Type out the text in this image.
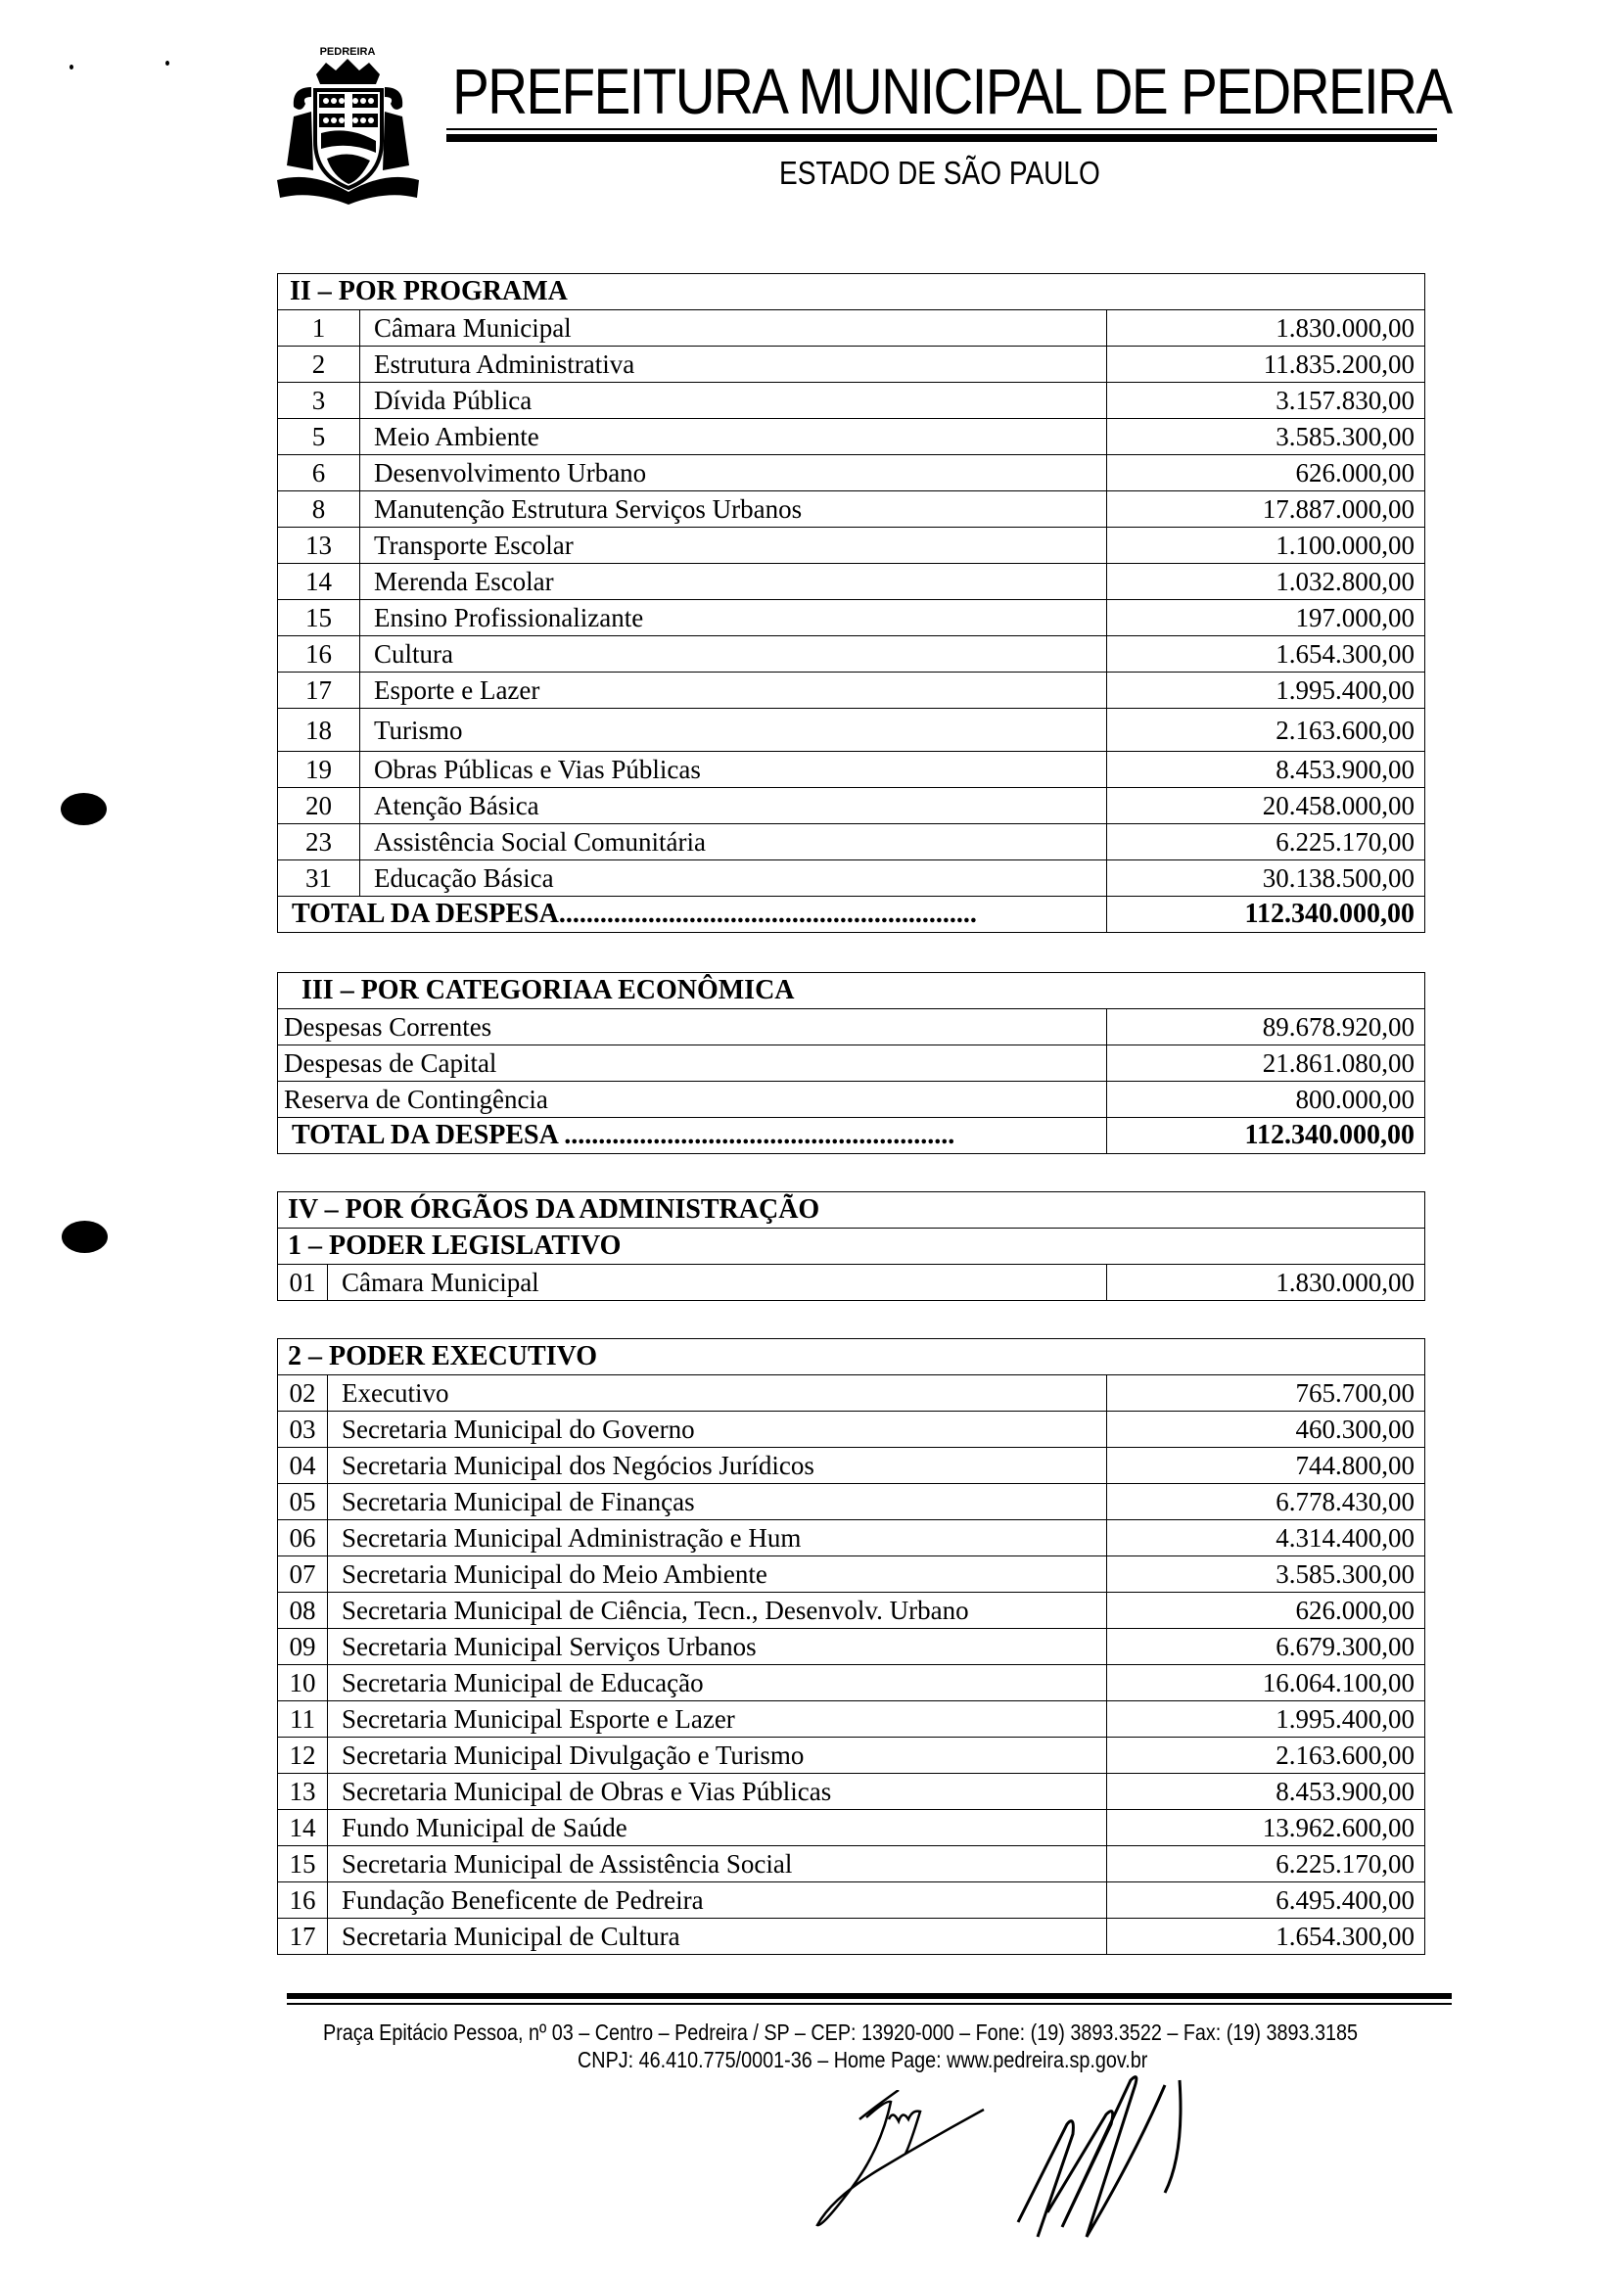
PEDREIRA
PREFEITURA MUNICIPAL DE PEDREIRA
ESTADO DE SÃO PAULO
II – POR PROGRAMA		
1	Câmara Municipal	1.830.000,00
2	Estrutura Administrativa	11.835.200,00
3	Dívida Pública	3.157.830,00
5	Meio Ambiente	3.585.300,00
6	Desenvolvimento Urbano	626.000,00
8	Manutenção Estrutura Serviços Urbanos	17.887.000,00
13	Transporte Escolar	1.100.000,00
14	Merenda Escolar	1.032.800,00
15	Ensino Profissionalizante	197.000,00
16	Cultura	1.654.300,00
17	Esporte e Lazer	1.995.400,00
18	Turismo	2.163.600,00
19	Obras Públicas e Vias Públicas	8.453.900,00
20	Atenção Básica	20.458.000,00
23	Assistência Social Comunitária	6.225.170,00
31	Educação Básica	30.138.500,00
TOTAL DA DESPESA.............................................................		112.340.000,00
III – POR CATEGORIAA ECONÔMICA	
Despesas Correntes	89.678.920,00
Despesas de Capital	21.861.080,00
Reserva de Contingência	800.000,00
TOTAL DA DESPESA .........................................................	112.340.000,00
IV – POR ÓRGÃOS DA ADMINISTRAÇÃO
1 – PODER LEGISLATIVO
01	Câmara Municipal	1.830.000,00
2 – PODER EXECUTIVO		
02	Executivo	765.700,00
03	Secretaria Municipal do Governo	460.300,00
04	Secretaria Municipal dos Negócios Jurídicos	744.800,00
05	Secretaria Municipal de Finanças	6.778.430,00
06	Secretaria Municipal Administração e Hum	4.314.400,00
07	Secretaria Municipal do Meio Ambiente	3.585.300,00
08	Secretaria Municipal de Ciência, Tecn., Desenvolv. Urbano	626.000,00
09	Secretaria Municipal Serviços Urbanos	6.679.300,00
10	Secretaria Municipal de Educação	16.064.100,00
11	Secretaria Municipal Esporte e Lazer	1.995.400,00
12	Secretaria Municipal Divulgação e Turismo	2.163.600,00
13	Secretaria Municipal de Obras e Vias Públicas	8.453.900,00
14	Fundo Municipal de Saúde	13.962.600,00
15	Secretaria Municipal de Assistência Social	6.225.170,00
16	Fundação Beneficente de Pedreira	6.495.400,00
17	Secretaria Municipal de Cultura	1.654.300,00
Praça Epitácio Pessoa, nº 03 – Centro – Pedreira / SP – CEP: 13920-000 – Fone: (19) 3893.3522 – Fax: (19) 3893.3185
CNPJ: 46.410.775/0001-36 – Home Page: www.pedreira.sp.gov.br
